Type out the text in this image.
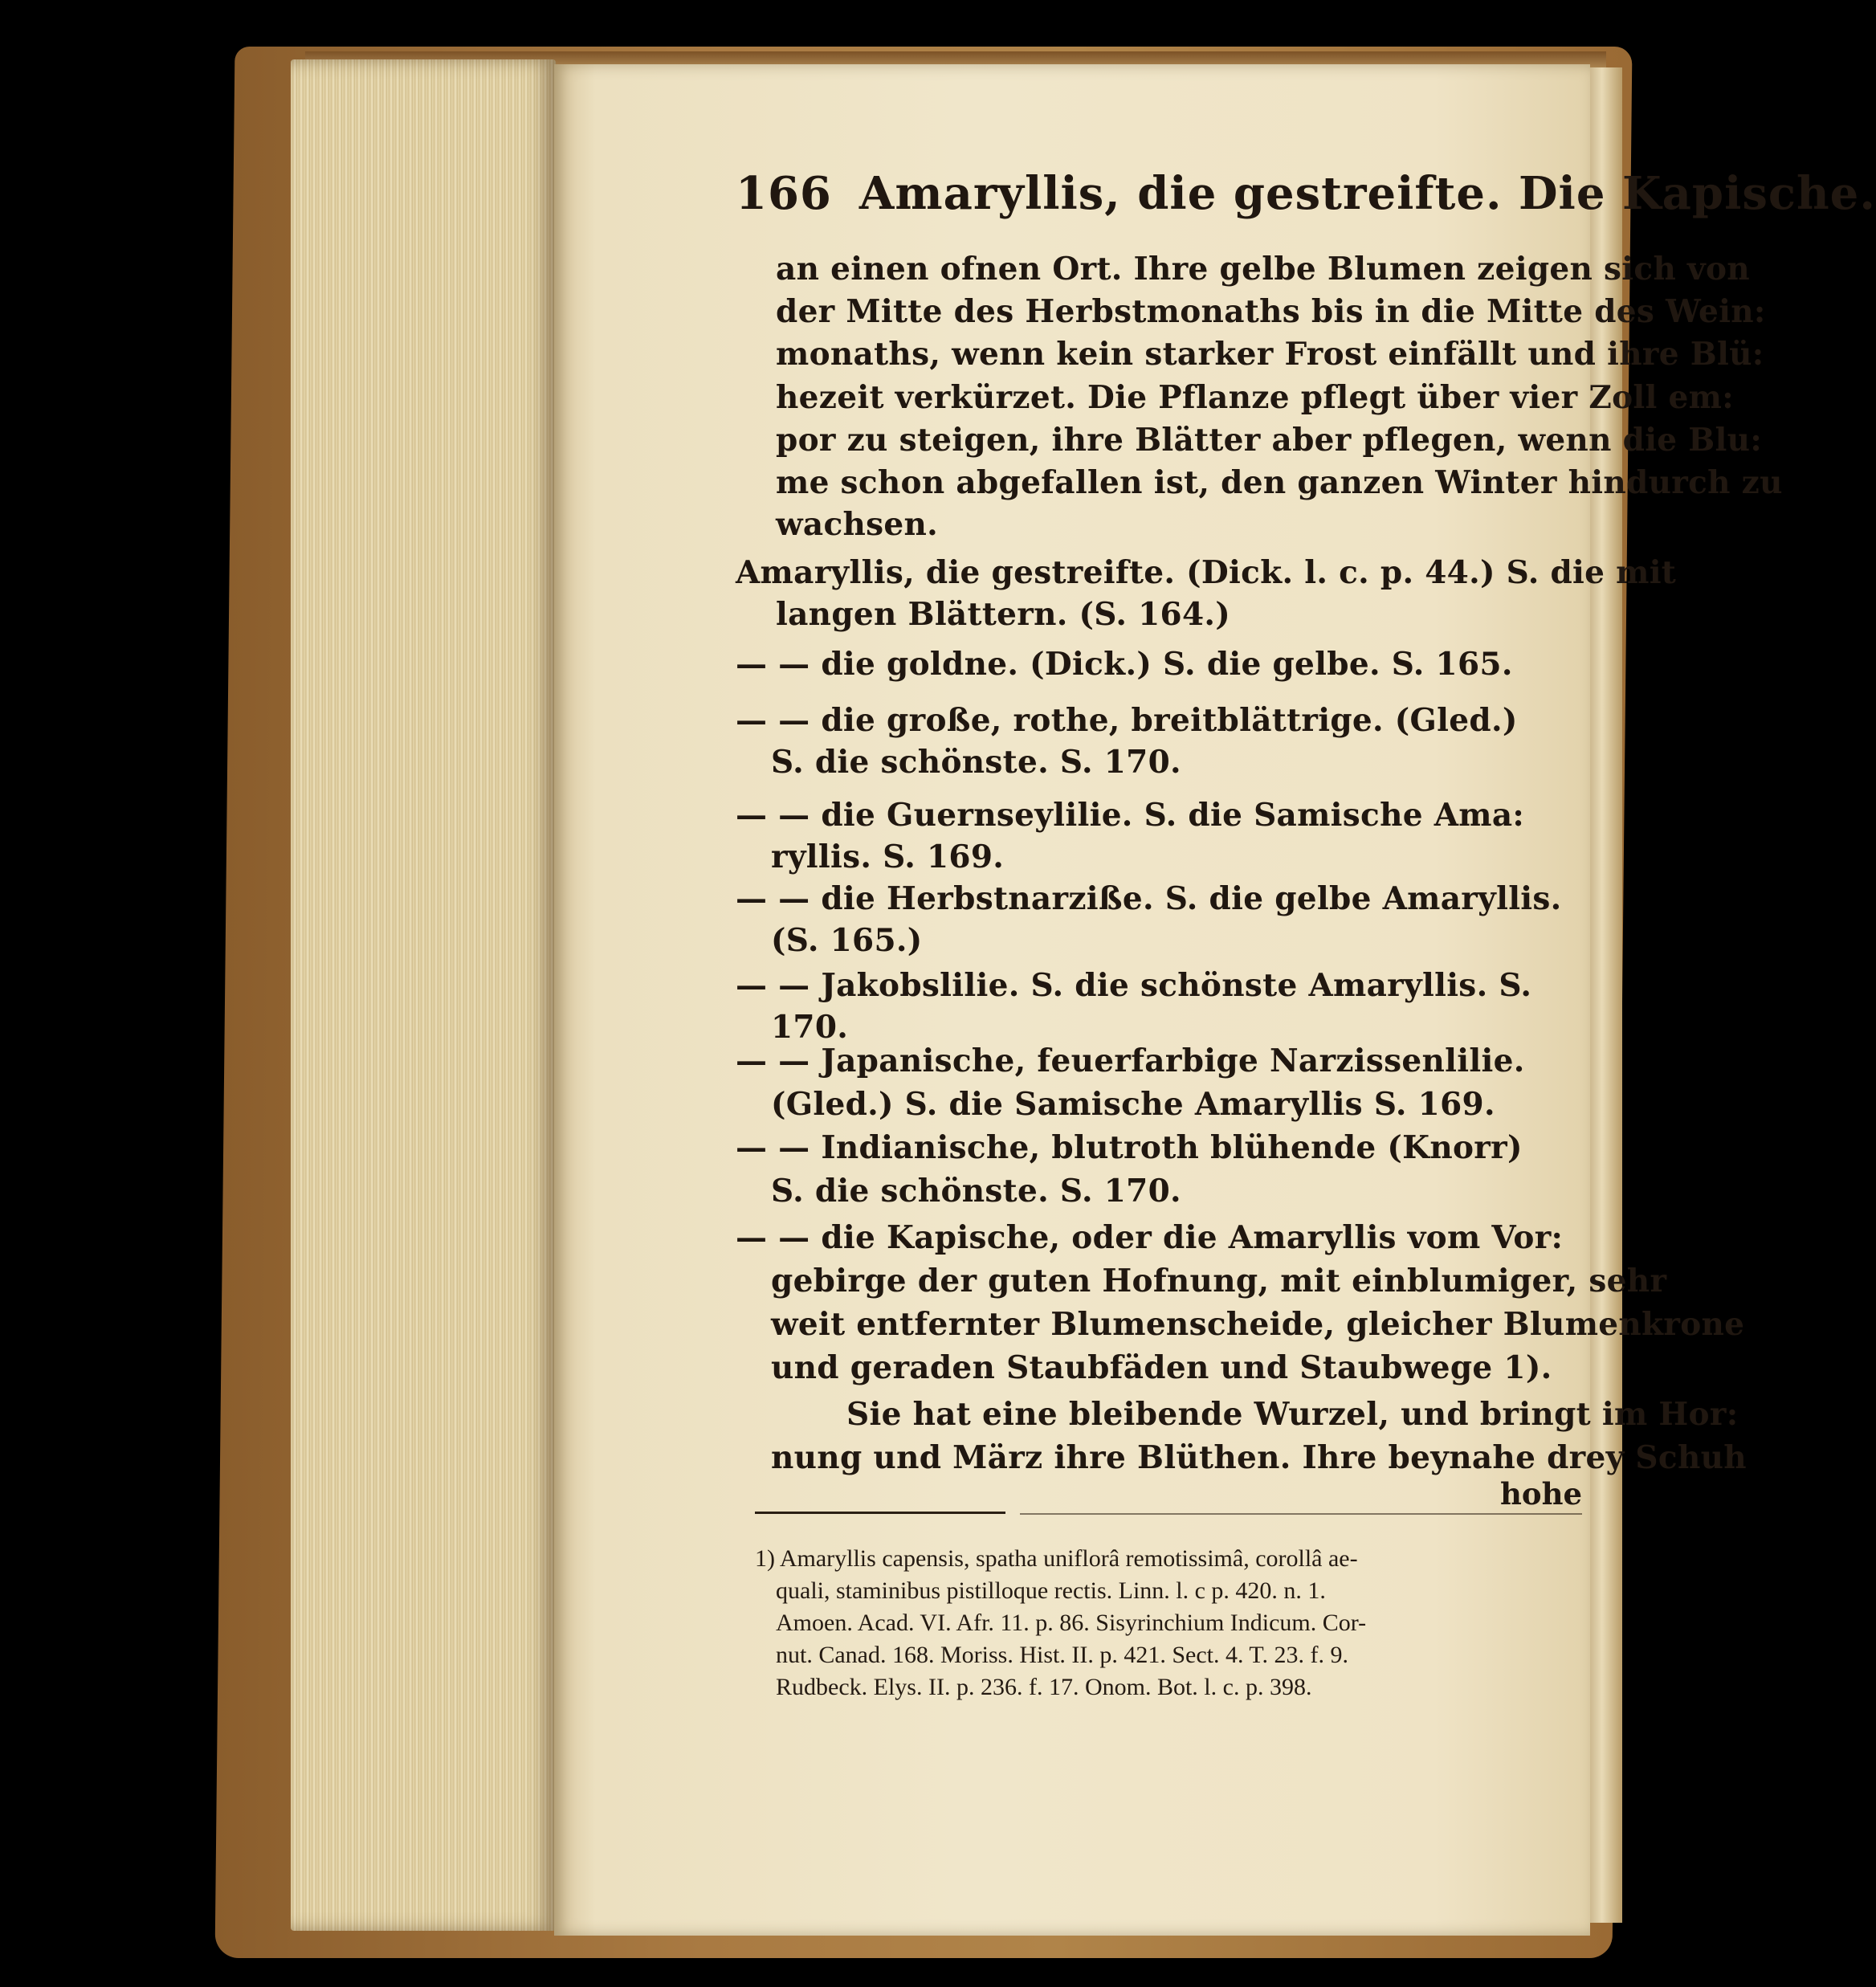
166 Amaryllis, die gestreifte. Die Kapische.
an einen ofnen Ort. Ihre gelbe Blumen zeigen sich von
der Mitte des Herbstmonaths bis in die Mitte des Wein:
monaths, wenn kein starker Frost einfällt und ihre Blü:
hezeit verkürzet. Die Pflanze pflegt über vier Zoll em:
por zu steigen, ihre Blätter aber pflegen, wenn die Blu:
me schon abgefallen ist, den ganzen Winter hindurch zu
wachsen.
Amaryllis, die gestreifte. (Dick. l. c. p. 44.) S. die mit
langen Blättern. (S. 164.)
— — die goldne. (Dick.) S. die gelbe. S. 165.
— — die große, rothe, breitblättrige. (Gled.)
S. die schönste. S. 170.
— — die Guernseylilie. S. die Samische Ama:
ryllis. S. 169.
— — die Herbstnarziße. S. die gelbe Amaryllis.
(S. 165.)
— — Jakobslilie. S. die schönste Amaryllis. S.
170.
— — Japanische, feuerfarbige Narzissenlilie.
(Gled.) S. die Samische Amaryllis S. 169.
— — Indianische, blutroth blühende (Knorr)
S. die schönste. S. 170.
— — die Kapische, oder die Amaryllis vom Vor:
gebirge der guten Hofnung, mit einblumiger, sehr
weit entfernter Blumenscheide, gleicher Blumenkrone
und geraden Staubfäden und Staubwege 1).
Sie hat eine bleibende Wurzel, und bringt im Hor:
nung und März ihre Blüthen. Ihre beynahe drey Schuh
hohe
1) Amaryllis capensis, spatha uniflorâ remotissimâ, corollâ ae-
quali, staminibus pistilloque rectis. Linn. l. c p. 420. n. 1.
Amoen. Acad. VI. Afr. 11. p. 86. Sisyrinchium Indicum. Cor-
nut. Canad. 168. Moriss. Hist. II. p. 421. Sect. 4. T. 23. f. 9.
Rudbeck. Elys. II. p. 236. f. 17. Onom. Bot. l. c. p. 398.
